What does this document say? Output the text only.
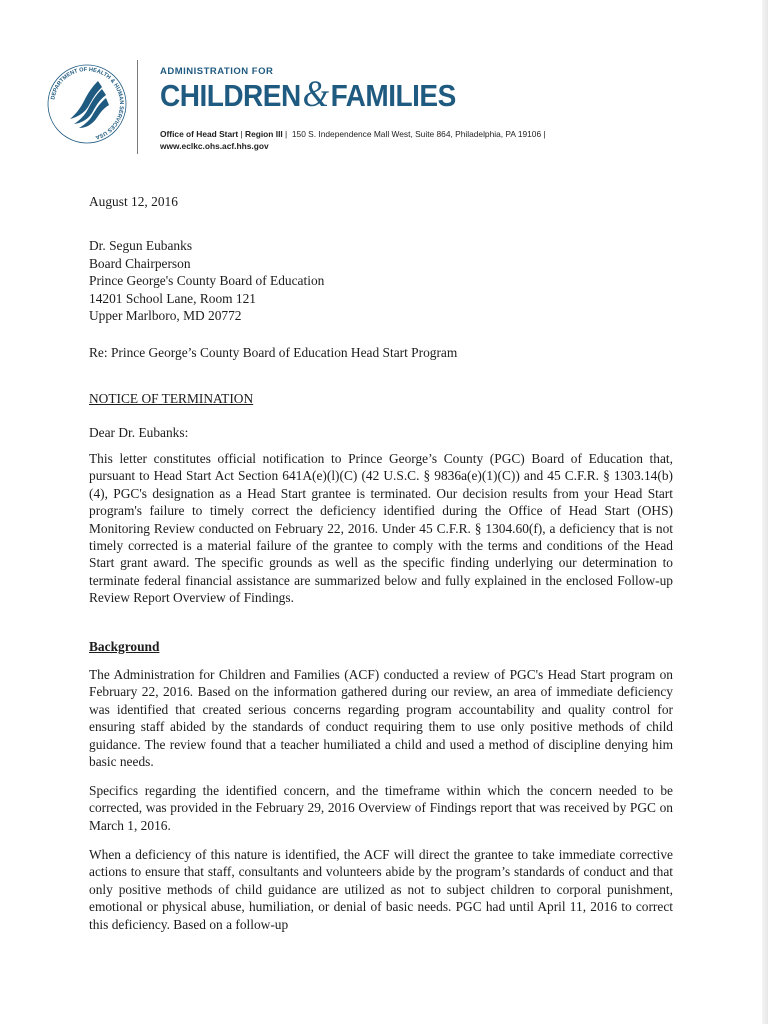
DEPARTMENT OF HEALTH & HUMAN SERVICES USA
ADMINISTRATION FOR
CHILDREN&FAMILIES
Office of Head Start | Region III |  150 S. Independence Mall West, Suite 864, Philadelphia, PA 19106 |
www.eclkc.ohs.acf.hhs.gov
August 12, 2016
Dr. Segun Eubanks
Board Chairperson
Prince George's County Board of Education
14201 School Lane, Room 121
Upper Marlboro, MD 20772
Re: Prince George’s County Board of Education Head Start Program
NOTICE OF TERMINATION
Dear Dr. Eubanks:
This letter constitutes official notification to Prince George’s County (PGC) Board of Education that, pursuant to Head Start Act Section 641A(e)(l)(C) (42 U.S.C. § 9836a(e)(1)(C)) and 45 C.F.R. § 1303.14(b)(4), PGC's designation as a Head Start grantee is terminated. Our decision results from your Head Start program's failure to timely correct the deficiency identified during the Office of Head Start (OHS) Monitoring Review conducted on February 22, 2016. Under 45 C.F.R. § 1304.60(f), a deficiency that is not timely corrected is a material failure of the grantee to comply with the terms and conditions of the Head Start grant award. The specific grounds as well as the specific finding underlying our determination to terminate federal financial assistance are summarized below and fully explained in the enclosed Follow-up Review Report Overview of Findings.
Background
The Administration for Children and Families (ACF) conducted a review of PGC's Head Start program on February 22, 2016. Based on the information gathered during our review, an area of immediate deficiency was identified that created serious concerns regarding program accountability and quality control for ensuring staff abided by the standards of conduct requiring them to use only positive methods of child guidance. The review found that a teacher humiliated a child and used a method of discipline denying him basic needs.
Specifics regarding the identified concern, and the timeframe within which the concern needed to be corrected, was provided in the February 29, 2016 Overview of Findings report that was received by PGC on March 1, 2016.
When a deficiency of this nature is identified, the ACF will direct the grantee to take immediate corrective actions to ensure that staff, consultants and volunteers abide by the program’s standards of conduct and that only positive methods of child guidance are utilized as not to subject children to corporal punishment, emotional or physical abuse, humiliation, or denial of basic needs. PGC had until April 11, 2016 to correct this deficiency. Based on a follow-up
